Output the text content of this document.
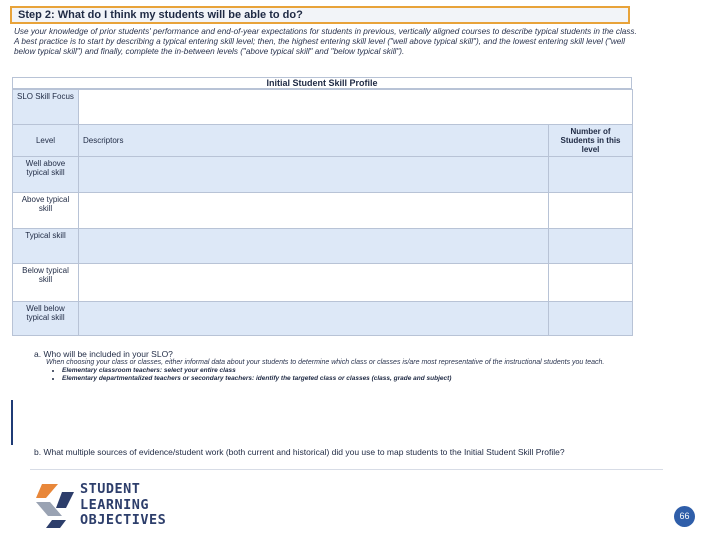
Step 2: What do I think my students will be able to do?
Use your knowledge of prior students' performance and end-of-year expectations for students in previous, vertically aligned courses to describe typical students in the class. A best practice is to start by describing a typical entering skill level; then, the highest entering skill level ("well above typical skill"), and the lowest entering skill level ("well below typical skill") and finally, complete the in-between levels ("above typical skill" and "below typical skill").
Initial Student Skill Profile
SLO Skill Focus		
Level	Descriptors	Number of Students in this level
Well above typical skill		
Above typical skill		
Typical skill		
Below typical skill		
Well below typical skill		
a. Who will be included in your SLO?
When choosing your class or classes, either informal data about your students to determine which class or classes is/are most representative of the instructional students you teach.
• Elementary classroom teachers: select your entire class
• Elementary departmentalized teachers or secondary teachers: identify the targeted class or classes (class, grade and subject)
b. What multiple sources of evidence/student work (both current and historical) did you use to map students to the Initial Student Skill Profile?
STUDENT
LEARNING
OBJECTIVES	66
